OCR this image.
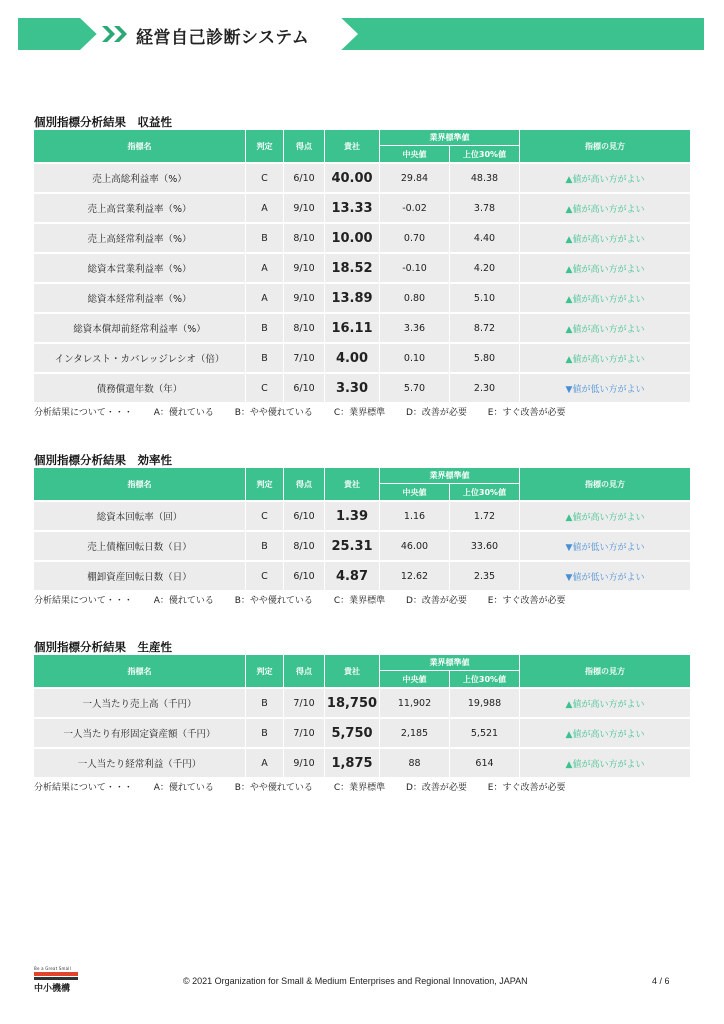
経営自己診断システム
個別指標分析結果　収益性
指標名	判定	得点	貴社	業界標準値
中央値 上位30%値		指標の見方
売上高総利益率（%）	C	6/10	40.00	29.84	48.38	▲値が高い方がよい
売上高営業利益率（%）	A	9/10	13.33	-0.02	3.78	▲値が高い方がよい
売上高経常利益率（%）	B	8/10	10.00	0.70	4.40	▲値が高い方がよい
総資本営業利益率（%）	A	9/10	18.52	-0.10	4.20	▲値が高い方がよい
総資本経常利益率（%）	A	9/10	13.89	0.80	5.10	▲値が高い方がよい
総資本償却前経常利益率（%）	B	8/10	16.11	3.36	8.72	▲値が高い方がよい
インタレスト・カバレッジレシオ（倍）	B	7/10	4.00	0.10	5.80	▲値が高い方がよい
債務償還年数（年）	C	6/10	3.30	5.70	2.30	▼値が低い方がよい
分析結果について・・・ A：優れている B：やや優れている C：業界標準 D：改善が必要 E：すぐ改善が必要
個別指標分析結果　効率性
指標名	判定	得点	貴社	業界標準値
中央値 上位30%値		指標の見方
総資本回転率（回）	C	6/10	1.39	1.16	1.72	▲値が高い方がよい
売上債権回転日数（日）	B	8/10	25.31	46.00	33.60	▼値が低い方がよい
棚卸資産回転日数（日）	C	6/10	4.87	12.62	2.35	▼値が低い方がよい
分析結果について・・・ A：優れている B：やや優れている C：業界標準 D：改善が必要 E：すぐ改善が必要
個別指標分析結果　生産性
指標名	判定	得点	貴社	業界標準値
中央値 上位30%値		指標の見方
一人当たり売上高（千円）	B	7/10	18,750	11,902	19,988	▲値が高い方がよい
一人当たり有形固定資産額（千円）	B	7/10	5,750	2,185	5,521	▲値が高い方がよい
一人当たり経常利益（千円）	A	9/10	1,875	88	614	▲値が高い方がよい
分析結果について・・・ A：優れている B：やや優れている C：業界標準 D：改善が必要 E：すぐ改善が必要
Be a Great Small
中小機構
© 2021 Organization for Small & Medium Enterprises and Regional Innovation, JAPAN	4 / 6
